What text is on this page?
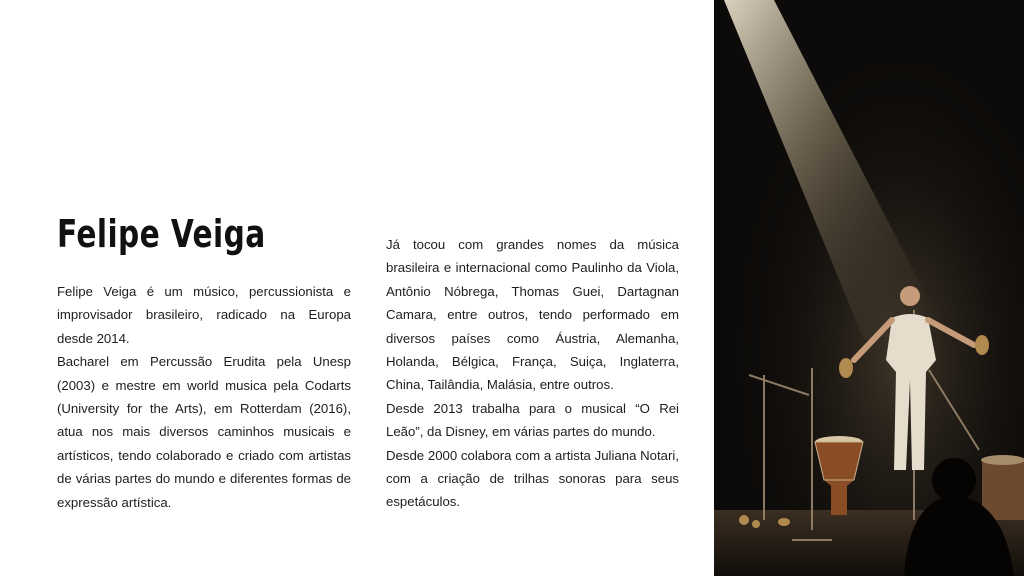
Felipe Veiga

Felipe Veiga é um músico, percussionista e improvisador brasileiro, radicado na Europa desde 2014.

Bacharel em Percussão Erudita pela Unesp (2003) e mestre em world musica pela Codarts (University for the Arts), em Rotterdam (2016), atua nos mais diversos caminhos musicais e artísticos, tendo colaborado e criado com artistas de várias partes do mundo e diferentes formas de expressão artística.

Já tocou com grandes nomes da música brasileira e internacional como Paulinho da Viola, Antônio Nóbrega, Thomas Guei, Dartagnan Camara, entre outros, tendo performado em diversos países como Áustria, Alemanha, Holanda, Bélgica, França, Suiça, Inglaterra, China, Tailândia, Malásia, entre outros.

Desde 2013 trabalha para o musical “O Rei Leão”, da Disney, em várias partes do mundo.

Desde 2000 colabora com a artista Juliana Notari, com a criação de trilhas sonoras para seus espetáculos.
